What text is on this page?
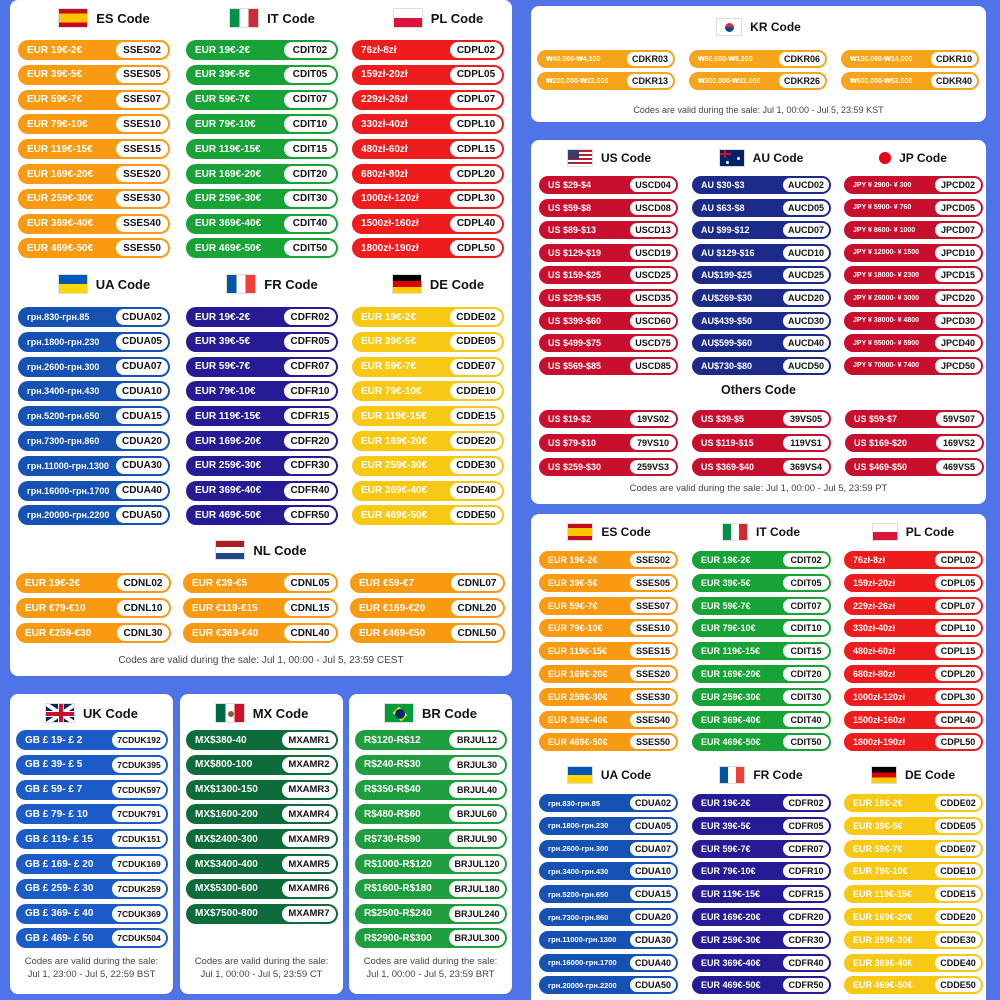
ES Code	IT Code	PL Code
EUR 19€-2€	SSES02
EUR 39€-5€	SSES05
EUR 59€-7€	SSES07
EUR 79€-10€	SSES10
EUR 119€-15€	SSES15
EUR 169€-20€	SSES20
EUR 259€-30€	SSES30
EUR 369€-40€	SSES40
EUR 469€-50€	SSES50
EUR 19€-2€	CDIT02
EUR 39€-5€	CDIT05
EUR 59€-7€	CDIT07
EUR 79€-10€	CDIT10
EUR 119€-15€	CDIT15
EUR 169€-20€	CDIT20
EUR 259€-30€	CDIT30
EUR 369€-40€	CDIT40
EUR 469€-50€	CDIT50
76zł-8zł	CDPL02
159zł-20zł	CDPL05
229zł-26zł	CDPL07
330zł-40zł	CDPL10
480zł-60zł	CDPL15
680zł-80zł	CDPL20
1000zł-120zł	CDPL30
1500zł-160zł	CDPL40
1800zł-190zł	CDPL50
UA Code	FR Code	DE Code
грн.830-грн.85	CDUA02
грн.1800-грн.230	CDUA05
грн.2600-грн.300	CDUA07
грн.3400-грн.430	CDUA10
грн.5200-грн.650	CDUA15
грн.7300-грн.860	CDUA20
грн.11000-грн.1300	CDUA30
грн.16000-грн.1700	CDUA40
грн.20000-грн.2200	CDUA50
EUR 19€-2€	CDFR02
EUR 39€-5€	CDFR05
EUR 59€-7€	CDFR07
EUR 79€-10€	CDFR10
EUR 119€-15€	CDFR15
EUR 169€-20€	CDFR20
EUR 259€-30€	CDFR30
EUR 369€-40€	CDFR40
EUR 469€-50€	CDFR50
EUR 19€-2€	CDDE02
EUR 39€-5€	CDDE05
EUR 59€-7€	CDDE07
EUR 79€-10€	CDDE10
EUR 119€-15€	CDDE15
EUR 169€-20€	CDDE20
EUR 259€-30€	CDDE30
EUR 369€-40€	CDDE40
EUR 469€-50€	CDDE50
NL Code
EUR 19€-2€	CDNL02	EUR €39-€5	CDNL05	EUR €59-€7	CDNL07
EUR €79-€10	CDNL10	EUR €119-€15	CDNL15	EUR €169-€20	CDNL20
EUR €259-€30	CDNL30	EUR €369-€40	CDNL40	EUR €469-€50	CDNL50
Codes are valid during the sale: Jul 1, 00:00 - Jul 5, 23:59 CEST
KR Code
₩40,000-₩4,100	CDKR03	₩80,000-₩8,300	CDKR06	₩130,000-₩14,000	CDKR10
₩200,000-₩22,000	CDKR13	₩300,000-₩32,000	CDKR26	₩500,000-₩53,000	CDKR40
Codes are valid during the sale: Jul 1, 00:00 - Jul 5, 23:59 KST
US Code	AU Code	JP Code
US $29-$4	USCD04
US $59-$8	USCD08
US $89-$13	USCD13
US $129-$19	USCD19
US $159-$25	USCD25
US $239-$35	USCD35
US $399-$60	USCD60
US $499-$75	USCD75
US $569-$85	USCD85
AU $30-$3	AUCD02
AU $63-$8	AUCD05
AU $99-$12	AUCD07
AU $129-$16	AUCD10
AU$199-$25	AUCD25
AU$269-$30	AUCD20
AU$439-$50	AUCD30
AU$599-$60	AUCD40
AU$730-$80	AUCD50
JPY ¥ 2900- ¥ 300	JPCD02
JPY ¥ 5900- ¥ 760	JPCD05
JPY ¥ 8600- ¥ 1000	JPCD07
JPY ¥ 12000- ¥ 1500	JPCD10
JPY ¥ 18000- ¥ 2300	JPCD15
JPY ¥ 26000- ¥ 3000	JPCD20
JPY ¥ 38000- ¥ 4800	JPCD30
JPY ¥ 55000- ¥ 5900	JPCD40
JPY ¥ 70000- ¥ 7400	JPCD50
Others Code
US $19-$2	19VS02	US $39-$5	39VS05	US $59-$7	59VS07
US $79-$10	79VS10	US $119-$15	119VS1	US $169-$20	169VS2
US $259-$30	259VS3	US $369-$40	369VS4	US $469-$50	469VS5
Codes are valid during the sale: Jul 1, 00:00 - Jul 5, 23:59 PT
ES Code	IT Code	PL Code
EUR 19€-2€	SSES02
EUR 39€-5€	SSES05
EUR 59€-7€	SSES07
EUR 79€-10€	SSES10
EUR 119€-15€	SSES15
EUR 169€-20€	SSES20
EUR 259€-30€	SSES30
EUR 369€-40€	SSES40
EUR 469€-50€	SSES50
EUR 19€-2€	CDIT02
EUR 39€-5€	CDIT05
EUR 59€-7€	CDIT07
EUR 79€-10€	CDIT10
EUR 119€-15€	CDIT15
EUR 169€-20€	CDIT20
EUR 259€-30€	CDIT30
EUR 369€-40€	CDIT40
EUR 469€-50€	CDIT50
76zł-8zł	CDPL02
159zł-20zł	CDPL05
229zł-26zł	CDPL07
330zł-40zł	CDPL10
480zł-60zł	CDPL15
680zł-80zł	CDPL20
1000zł-120zł	CDPL30
1500zł-160zł	CDPL40
1800zł-190zł	CDPL50
UA Code	FR Code	DE Code
грн.830-грн.85	CDUA02
грн.1800-грн.230	CDUA05
грн.2600-грн.300	CDUA07
грн.3400-грн.430	CDUA10
грн.5200-грн.650	CDUA15
грн.7300-грн.860	CDUA20
грн.11000-грн.1300	CDUA30
грн.16000-грн.1700	CDUA40
грн.20000-грн.2200	CDUA50
EUR 19€-2€	CDFR02
EUR 39€-5€	CDFR05
EUR 59€-7€	CDFR07
EUR 79€-10€	CDFR10
EUR 119€-15€	CDFR15
EUR 169€-20€	CDFR20
EUR 259€-30€	CDFR30
EUR 369€-40€	CDFR40
EUR 469€-50€	CDFR50
EUR 19€-2€	CDDE02
EUR 39€-5€	CDDE05
EUR 59€-7€	CDDE07
EUR 79€-10€	CDDE10
EUR 119€-15€	CDDE15
EUR 169€-20€	CDDE20
EUR 259€-30€	CDDE30
EUR 369€-40€	CDDE40
EUR 469€-50€	CDDE50
UK Code
GB £ 19- £ 2	7CDUK192
GB £ 39- £ 5	7CDUK395
GB £ 59- £ 7	7CDUK597
GB £ 79- £ 10	7CDUK791
GB £ 119- £ 15	7CDUK151
GB £ 169- £ 20	7CDUK169
GB £ 259- £ 30	7CDUK259
GB £ 369- £ 40	7CDUK369
GB £ 469- £ 50	7CDUK504
Codes are valid during the sale: Jul 1, 23:00 - Jul 5, 22:59 BST
MX Code
MX$380-40	MXAMR1
MX$800-100	MXAMR2
MX$1300-150	MXAMR3
MX$1600-200	MXAMR4
MX$2400-300	MXAMR9
MX$3400-400	MXAMR5
MX$5300-600	MXAMR6
MX$7500-800	MXAMR7
Codes are valid during the sale: Jul 1, 00:00 - Jul 5, 23:59 CT
BR Code
R$120-R$12	BRJUL12
R$240-R$30	BRJUL30
R$350-R$40	BRJUL40
R$480-R$60	BRJUL60
R$730-R$90	BRJUL90
R$1000-R$120	BRJUL120
R$1600-R$180	BRJUL180
R$2500-R$240	BRJUL240
R$2900-R$300	BRJUL300
Codes are valid during the sale: Jul 1, 00:00 - Jul 5, 23:59 BRT
